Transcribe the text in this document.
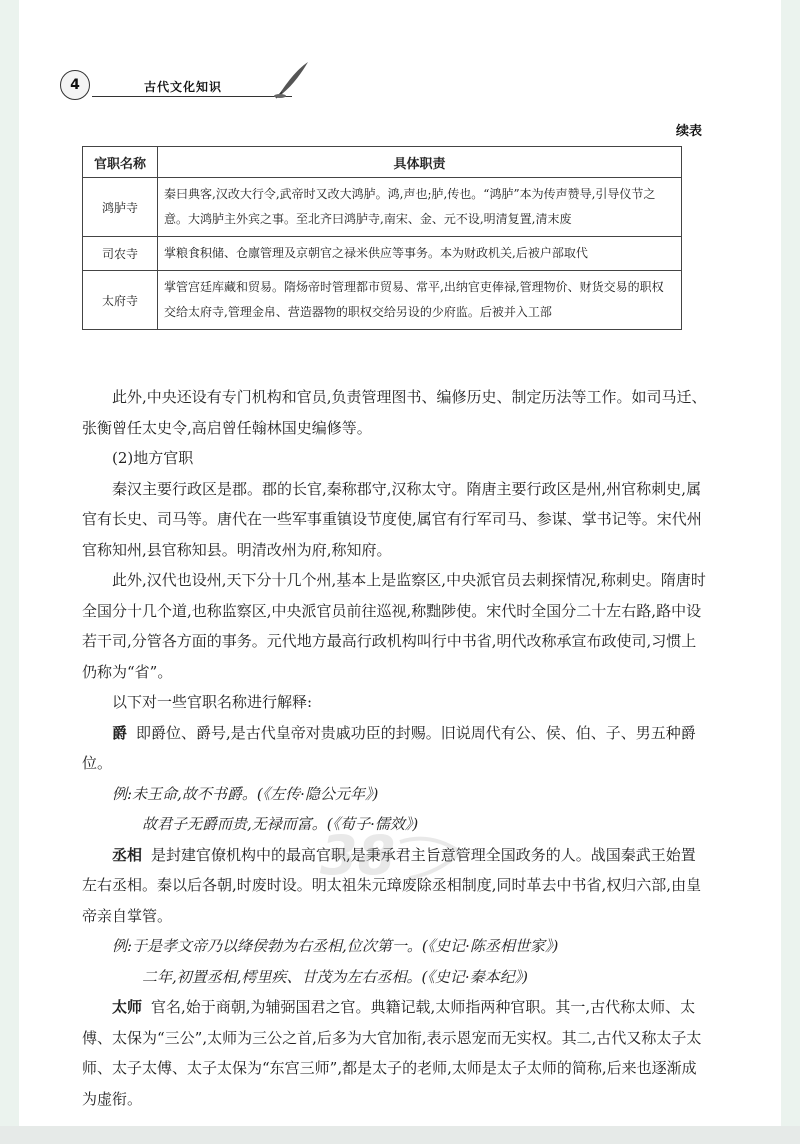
4	古代文化知识
续表
官职名称	具体职责
鸿胪寺	秦曰典客,汉改大行令,武帝时又改大鸿胪。鸿,声也;胪,传也。“鸿胪”本为传声赞导,引导仪节之意。大鸿胪主外宾之事。至北齐曰鸿胪寺,南宋、金、元不设,明清复置,清末废
司农寺	掌粮食积储、仓廪管理及京朝官之禄米供应等事务。本为财政机关,后被户部取代
太府寺	掌管宫廷库藏和贸易。隋炀帝时管理都市贸易、常平,出纳官吏俸禄,管理物价、财货交易的职权交给太府寺,管理金帛、营造器物的职权交给另设的少府监。后被并入工部

此外,中央还设有专门机构和官员,负责管理图书、编修历史、制定历法等工作。如司马迁、张衡曾任太史令,高启曾任翰林国史编修等。

(2)地方官职

秦汉主要行政区是郡。郡的长官,秦称郡守,汉称太守。隋唐主要行政区是州,州官称刺史,属官有长史、司马等。唐代在一些军事重镇设节度使,属官有行军司马、参谋、掌书记等。宋代州官称知州,县官称知县。明清改州为府,称知府。

此外,汉代也设州,天下分十几个州,基本上是监察区,中央派官员去刺探情况,称刺史。隋唐时全国分十几个道,也称监察区,中央派官员前往巡视,称黜陟使。宋代时全国分二十左右路,路中设若干司,分管各方面的事务。元代地方最高行政机构叫行中书省,明代改称承宣布政使司,习惯上仍称为“省”。

以下对一些官职名称进行解释:

爵 即爵位、爵号,是古代皇帝对贵戚功臣的封赐。旧说周代有公、侯、伯、子、男五种爵位。

例:未王命,故不书爵。(《左传·隐公元年》)

故君子无爵而贵,无禄而富。(《荀子·儒效》)

丞相 是封建官僚机构中的最高官职,是秉承君主旨意管理全国政务的人。战国秦武王始置左右丞相。秦以后各朝,时废时设。明太祖朱元璋废除丞相制度,同时革去中书省,权归六部,由皇帝亲自掌管。

例:于是孝文帝乃以绛侯勃为右丞相,位次第一。(《史记·陈丞相世家》)

二年,初置丞相,樗里疾、甘茂为左右丞相。(《史记·秦本纪》)

太师 官名,始于商朝,为辅弼国君之官。典籍记载,太师指两种官职。其一,古代称太师、太傅、太保为“三公”,太师为三公之首,后多为大官加衔,表示恩宠而无实权。其二,古代又称太子太师、太子太傅、太子太保为“东宫三师”,都是太子的老师,太师是太子太师的简称,后来也逐渐成为虚衔。
